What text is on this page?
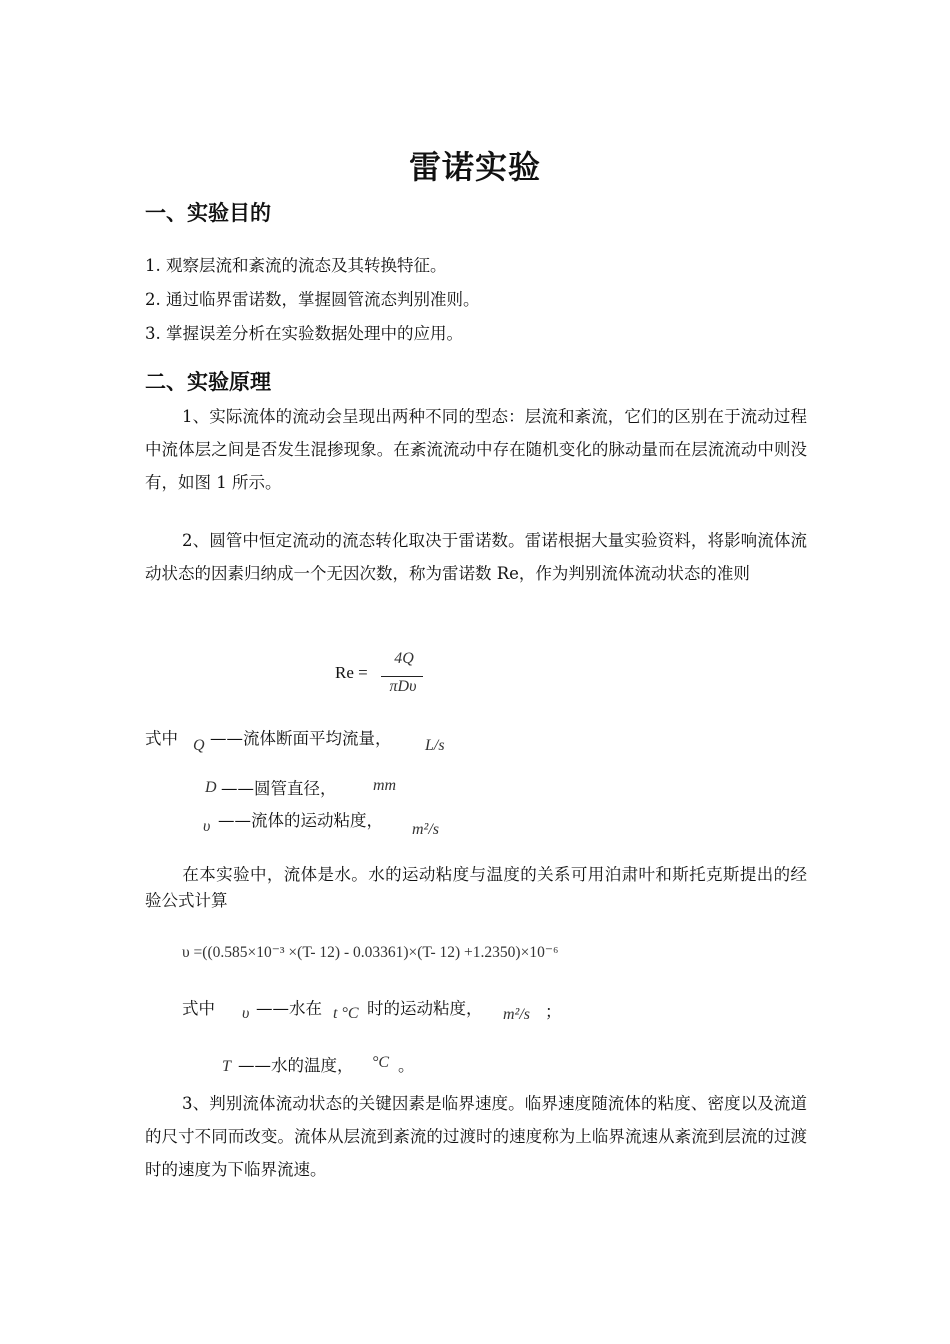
雷诺实验
一、实验目的
1. 观察层流和紊流的流态及其转换特征。
2. 通过临界雷诺数，掌握圆管流态判别准则。
3. 掌握误差分析在实验数据处理中的应用。
二、实验原理
1、实际流体的流动会呈现出两种不同的型态：层流和紊流，它们的区别在于流动过程中流体层之间是否发生混掺现象。在紊流流动中存在随机变化的脉动量而在层流流动中则没有，如图 1 所示。
2、圆管中恒定流动的流态转化取决于雷诺数。雷诺根据大量实验资料，将影响流体流动状态的因素归纳成一个无因次数，称为雷诺数 Re，作为判别流体流动状态的准则
Re =
4Q
πDυ
式中 Q ——流体断面平均流量， L/s
D ——圆管直径， mm
υ ——流体的运动粘度， m²/s
在本实验中，流体是水。水的运动粘度与温度的关系可用泊肃叶和斯托克斯提出的经验公式计算
υ =((0.585×10⁻³ ×(T- 12) - 0.03361)×(T- 12) +1.2350)×10⁻⁶
式中 υ ——水在 t °C 时的运动粘度， m²/s ；
T ——水的温度， °C 。
3、判别流体流动状态的关键因素是临界速度。临界速度随流体的粘度、密度以及流道的尺寸不同而改变。流体从层流到紊流的过渡时的速度称为上临界流速从紊流到层流的过渡时的速度为下临界流速。
